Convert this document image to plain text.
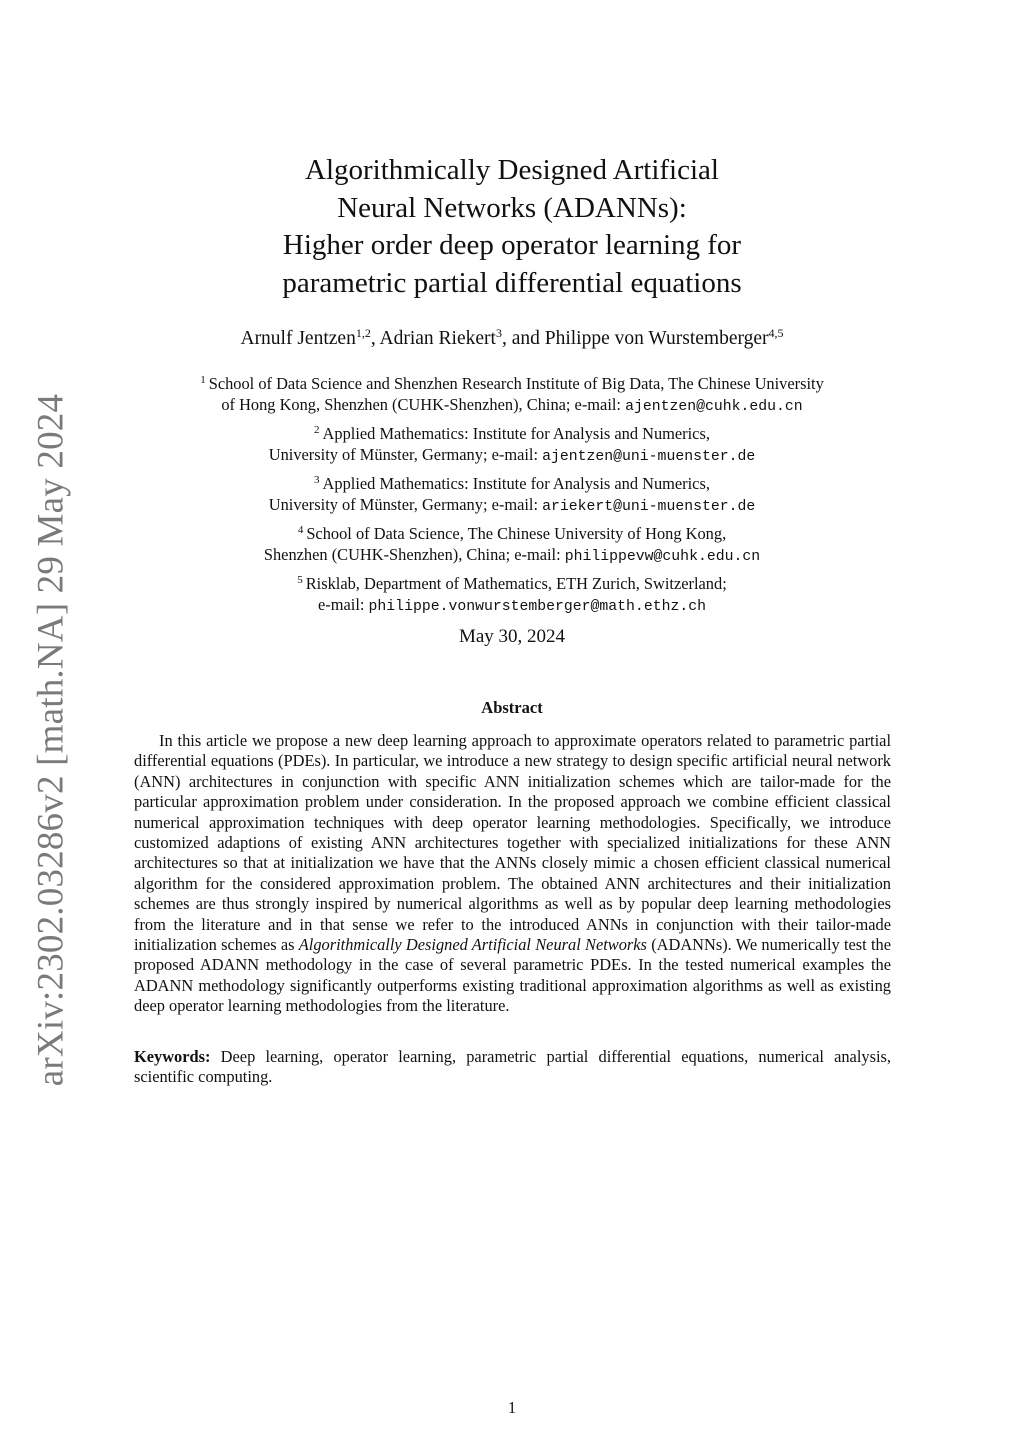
arXiv:2302.03286v2 [math.NA] 29 May 2024
Algorithmically Designed Artificial
Neural Networks (ADANNs):
Higher order deep operator learning for
parametric partial differential equations

Arnulf Jentzen$^{1,2}$, Adrian Riekert$^3$, and Philippe von Wurstemberger$^{4,5}$

$^1$ School of Data Science and Shenzhen Research Institute of Big Data, The Chinese University
of Hong Kong, Shenzhen (CUHK-Shenzhen), China; e-mail: ajentzen@cuhk.edu.cn

$^2$ Applied Mathematics: Institute for Analysis and Numerics,
University of Münster, Germany; e-mail: ajentzen@uni-muenster.de

$^3$ Applied Mathematics: Institute for Analysis and Numerics,
University of Münster, Germany; e-mail: ariekert@uni-muenster.de

$^4$ School of Data Science, The Chinese University of Hong Kong,
Shenzhen (CUHK-Shenzhen), China; e-mail: philippevw@cuhk.edu.cn

$^5$ Risklab, Department of Mathematics, ETH Zurich, Switzerland;
e-mail: philippe.vonwurstemberger@math.ethz.ch

May 30, 2024

Abstract

In this article we propose a new deep learning approach to approximate operators related to parametric partial differential equations (PDEs). In particular, we introduce a new strategy to design specific artificial neural network (ANN) architectures in conjunction with specific ANN initialization schemes which are tailor-made for the particular approximation problem under consideration. In the proposed approach we combine efficient classical numerical approximation techniques with deep operator learning methodologies. Specifically, we introduce customized adaptions of existing ANN architectures together with specialized initializations for these ANN architectures so that at initialization we have that the ANNs closely mimic a chosen efficient classical numerical algorithm for the considered approximation problem. The obtained ANN architectures and their initialization schemes are thus strongly inspired by numerical algorithms as well as by popular deep learning methodologies from the literature and in that sense we refer to the introduced ANNs in conjunction with their tailor-made initialization schemes as Algorithmically Designed Artificial Neural Networks (ADANNs). We numerically test the proposed ADANN methodology in the case of several parametric PDEs. In the tested numerical examples the ADANN methodology significantly outperforms existing traditional approximation algorithms as well as existing deep operator learning methodologies from the literature.

Keywords: Deep learning, operator learning, parametric partial differential equations, numerical analysis, scientific computing.

1
